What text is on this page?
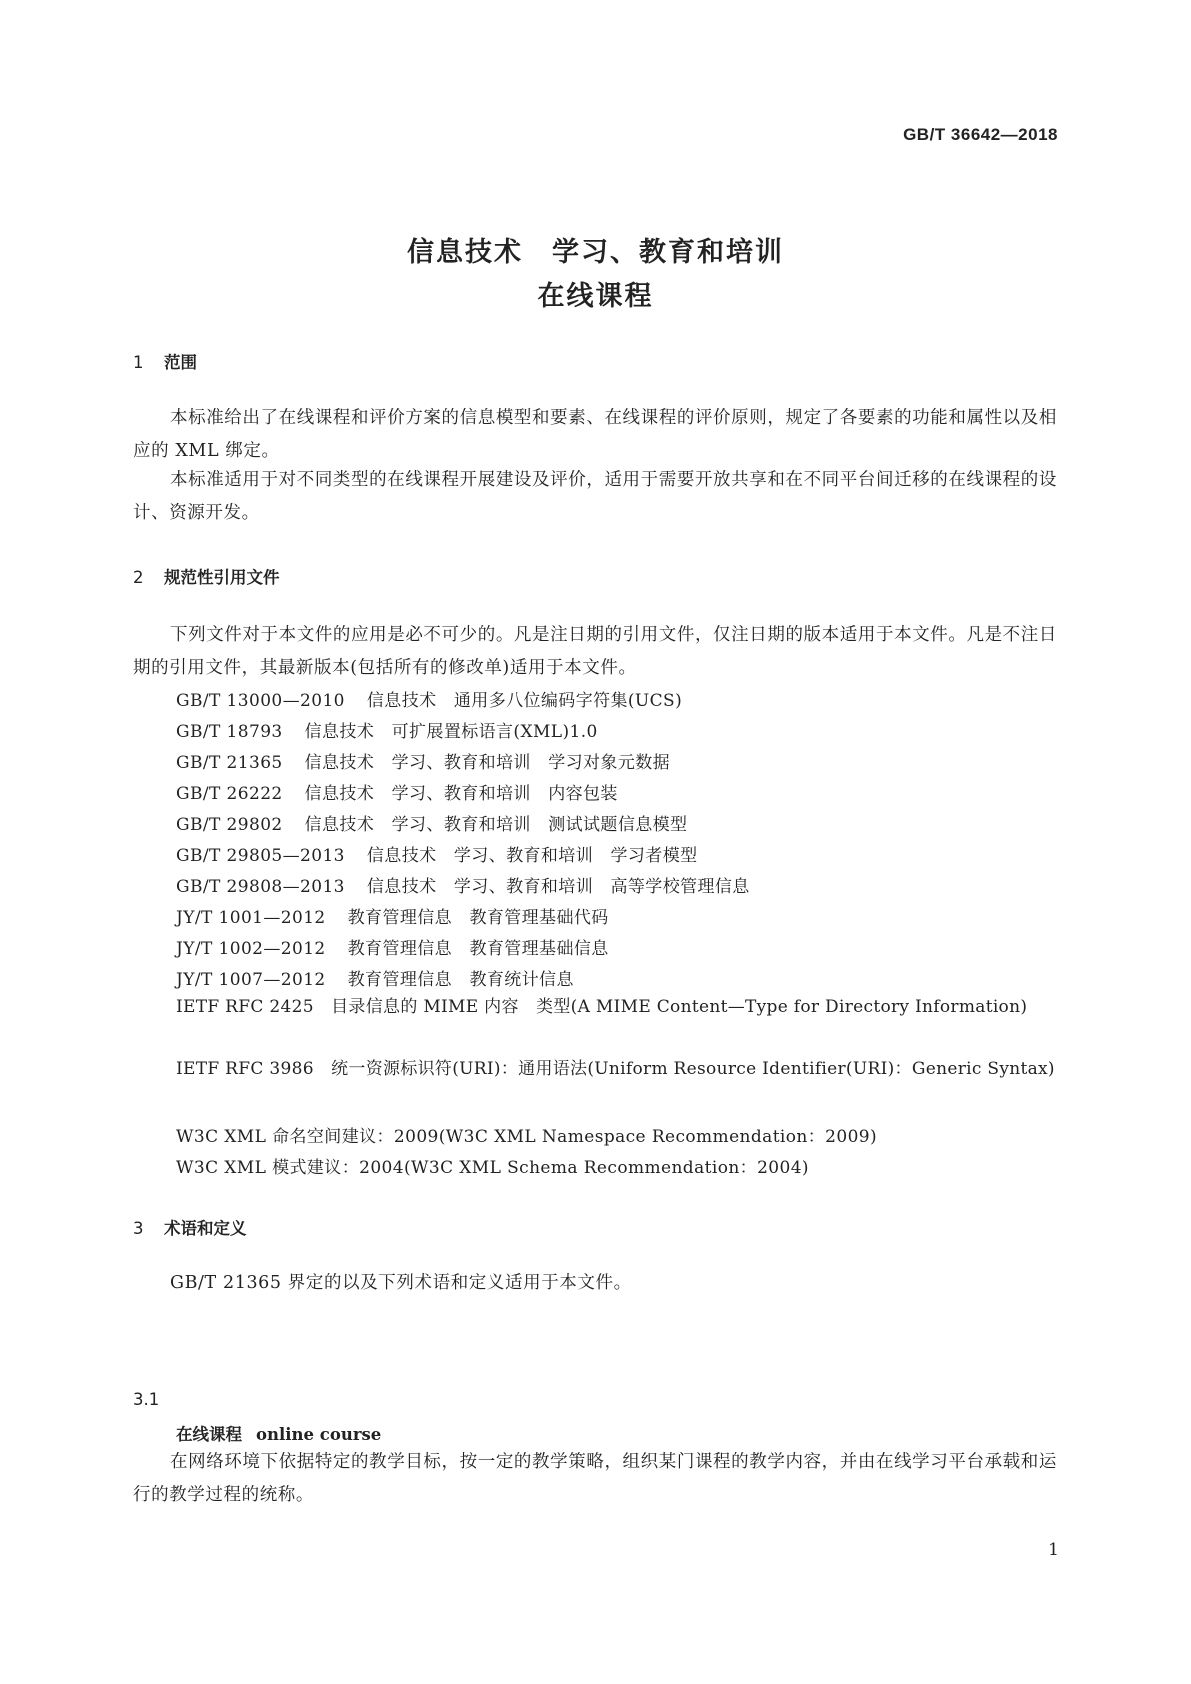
GB/T 36642—2018
信息技术　学习、教育和培训
在线课程
1 范围
本标准给出了在线课程和评价方案的信息模型和要素、在线课程的评价原则，规定了各要素的功能和属性以及相应的 XML 绑定。
本标准适用于对不同类型的在线课程开展建设及评价，适用于需要开放共享和在不同平台间迁移的在线课程的设计、资源开发。
2 规范性引用文件
下列文件对于本文件的应用是必不可少的。凡是注日期的引用文件，仅注日期的版本适用于本文件。凡是不注日期的引用文件，其最新版本(包括所有的修改单)适用于本文件。
GB/T 13000—2010 信息技术　通用多八位编码字符集(UCS)
GB/T 18793 信息技术　可扩展置标语言(XML)1.0
GB/T 21365 信息技术　学习、教育和培训　学习对象元数据
GB/T 26222 信息技术　学习、教育和培训　内容包装
GB/T 29802 信息技术　学习、教育和培训　测试试题信息模型
GB/T 29805—2013 信息技术　学习、教育和培训　学习者模型
GB/T 29808—2013 信息技术　学习、教育和培训　高等学校管理信息
JY/T 1001—2012 教育管理信息　教育管理基础代码
JY/T 1002—2012 教育管理信息　教育管理基础信息
JY/T 1007—2012 教育管理信息　教育统计信息
IETF RFC 2425　目录信息的 MIME 内容　类型(A MIME Content—Type for Directory Information)
IETF RFC 3986　统一资源标识符(URI)：通用语法(Uniform Resource Identifier(URI)：Generic Syntax)
W3C XML 命名空间建议：2009(W3C XML Namespace Recommendation：2009)
W3C XML 模式建议：2004(W3C XML Schema Recommendation：2004)
3 术语和定义
GB/T 21365 界定的以及下列术语和定义适用于本文件。
3.1
在线课程 online course
在网络环境下依据特定的教学目标，按一定的教学策略，组织某门课程的教学内容，并由在线学习平台承载和运行的教学过程的统称。
1
